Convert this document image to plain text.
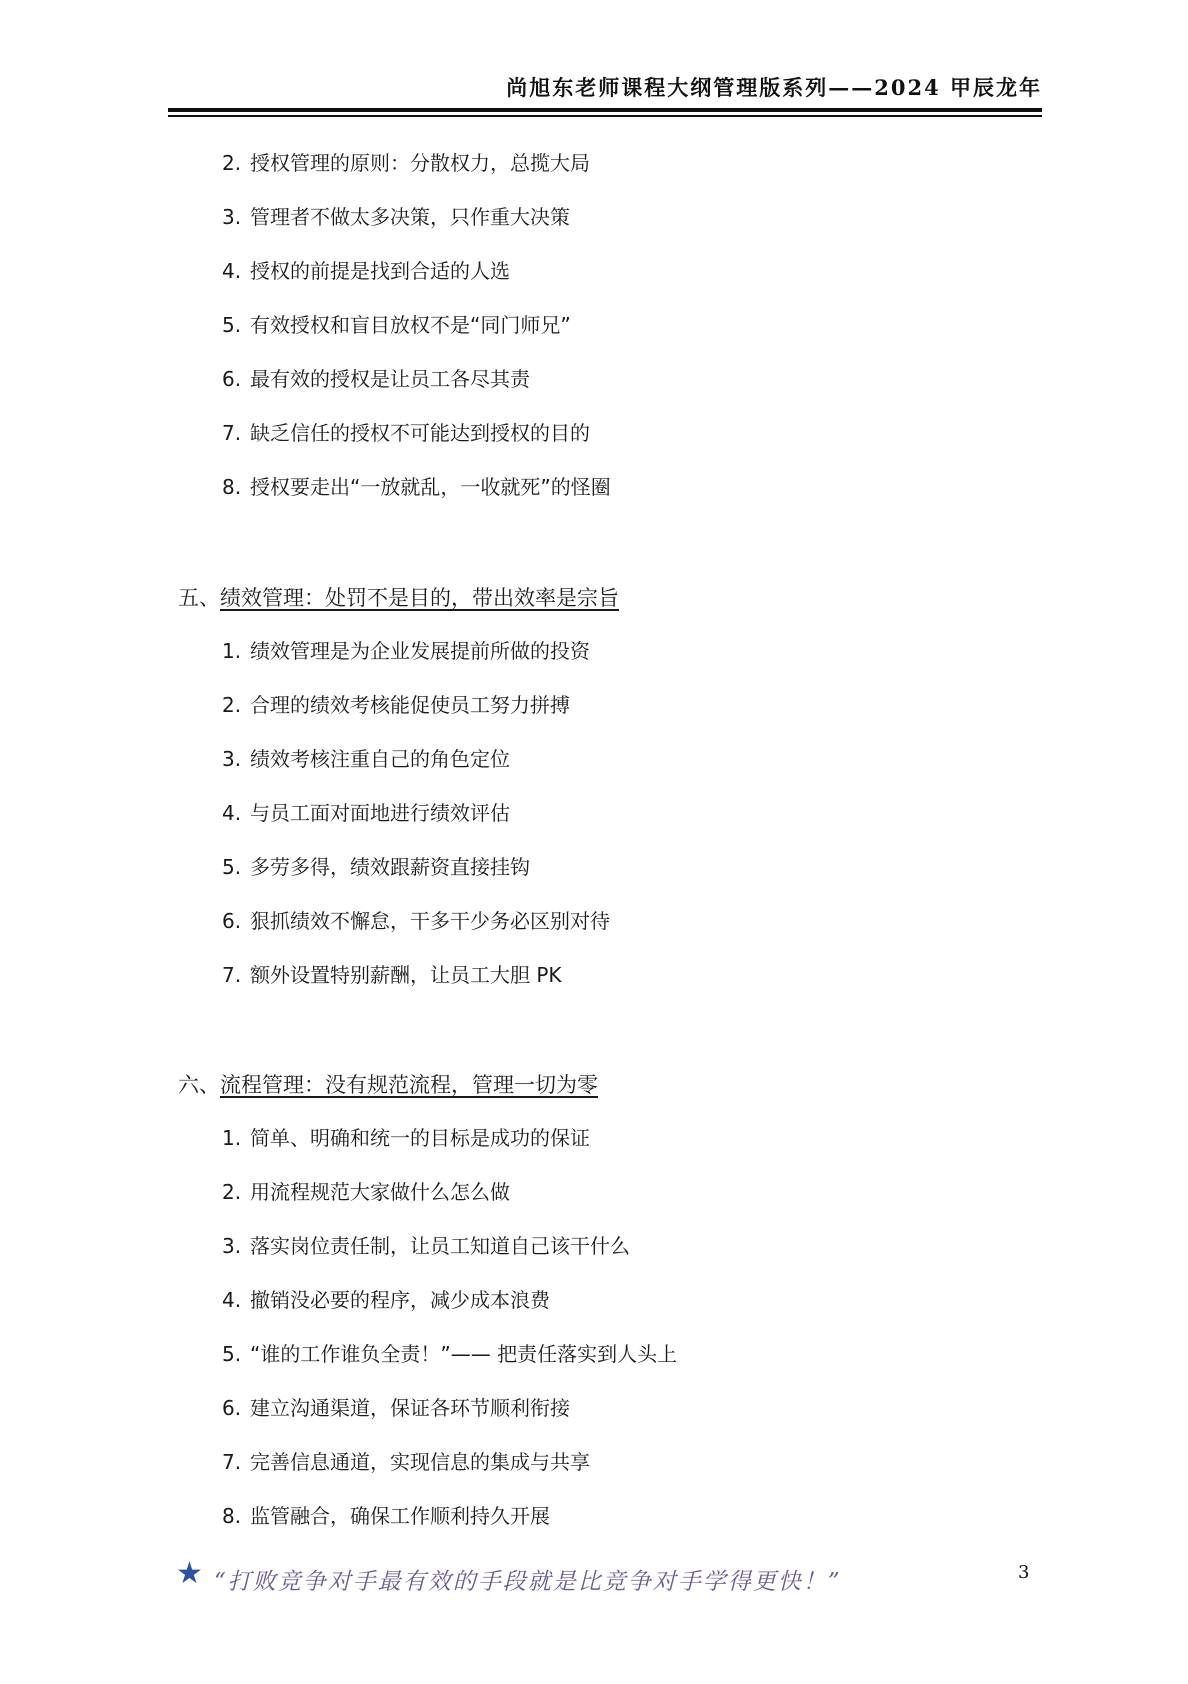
尚旭东老师课程大纲管理版系列——2024 甲辰龙年
2. 授权管理的原则：分散权力，总揽大局
3. 管理者不做太多决策，只作重大决策
4. 授权的前提是找到合适的人选
5. 有效授权和盲目放权不是“同门师兄”
6. 最有效的授权是让员工各尽其责
7. 缺乏信任的授权不可能达到授权的目的
8. 授权要走出“一放就乱，一收就死”的怪圈
五、绩效管理：处罚不是目的，带出效率是宗旨
1. 绩效管理是为企业发展提前所做的投资
2. 合理的绩效考核能促使员工努力拼搏
3. 绩效考核注重自己的角色定位
4. 与员工面对面地进行绩效评估
5. 多劳多得，绩效跟薪资直接挂钩
6. 狠抓绩效不懈怠，干多干少务必区别对待
7. 额外设置特别薪酬，让员工大胆 PK
六、流程管理：没有规范流程，管理一切为零
1. 简单、明确和统一的目标是成功的保证
2. 用流程规范大家做什么怎么做
3. 落实岗位责任制，让员工知道自己该干什么
4. 撤销没必要的程序，减少成本浪费
5. “谁的工作谁负全责！”—— 把责任落实到人头上
6. 建立沟通渠道，保证各环节顺利衔接
7. 完善信息通道，实现信息的集成与共享
8. 监管融合，确保工作顺利持久开展
★ “打败竞争对手最有效的手段就是比竞争对手学得更快！”	3
